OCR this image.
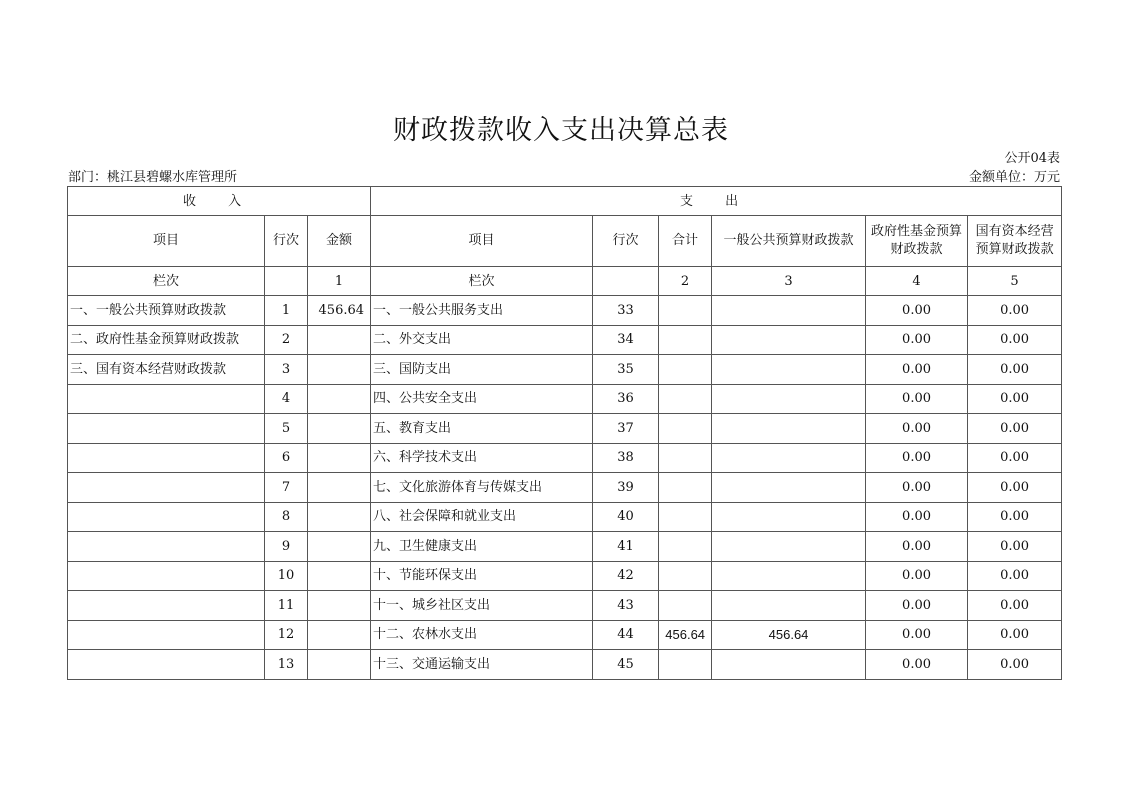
财政拨款收入支出决算总表
公开04表
部门：桃江县碧螺水库管理所	金额单位：万元
收 入			支 出					
项目	行次	金额	项目	行次	合计	一般公共预算财政拨款	政府性基金预算财政拨款	国有资本经营预算财政拨款
栏次		1	栏次		2	3	4	5
一、一般公共预算财政拨款	1	456.64	一、一般公共服务支出	33			0.00	0.00
二、政府性基金预算财政拨款	2		二、外交支出	34			0.00	0.00
三、国有资本经营财政拨款	3		三、国防支出	35			0.00	0.00
	4		四、公共安全支出	36			0.00	0.00
	5		五、教育支出	37			0.00	0.00
	6		六、科学技术支出	38			0.00	0.00
	7		七、文化旅游体育与传媒支出	39			0.00	0.00
	8		八、社会保障和就业支出	40			0.00	0.00
	9		九、卫生健康支出	41			0.00	0.00
	10		十、节能环保支出	42			0.00	0.00
	11		十一、城乡社区支出	43			0.00	0.00
	12		十二、农林水支出	44	456.64	456.64	0.00	0.00
	13		十三、交通运输支出	45			0.00	0.00
